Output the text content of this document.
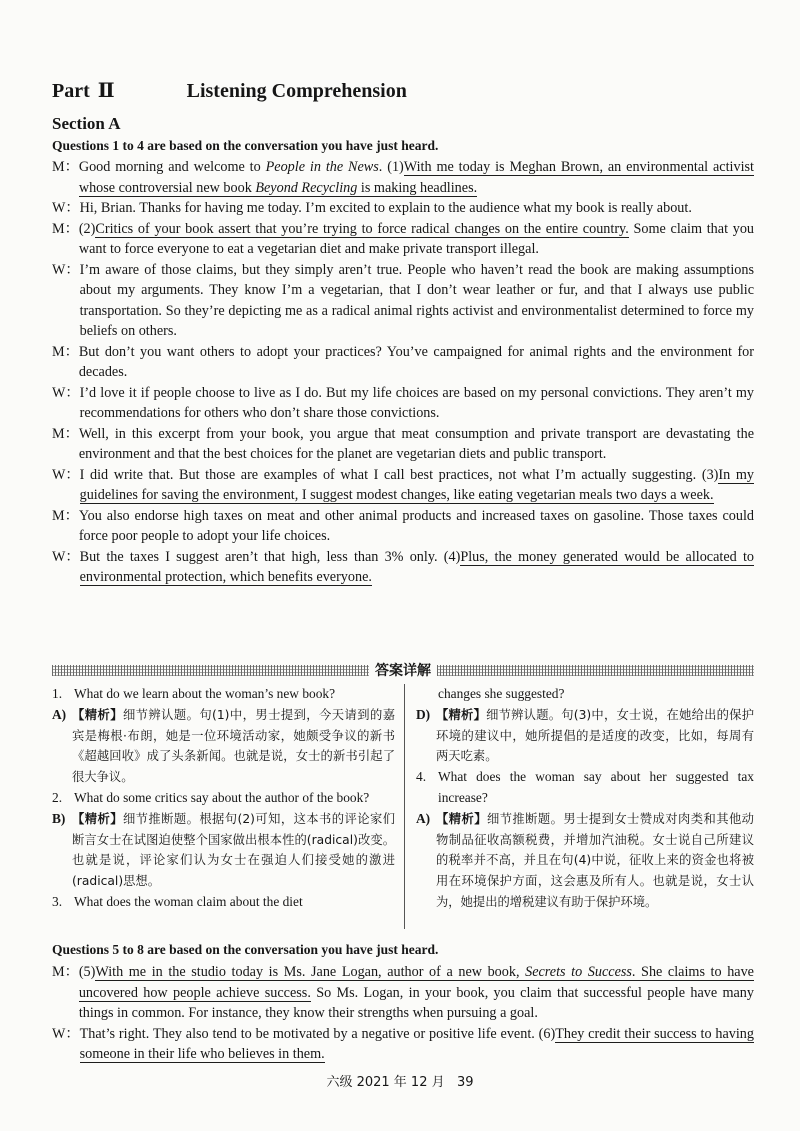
Part Ⅱ	Listening Comprehension
Section A
Questions 1 to 4 are based on the conversation you have just heard.
M ：	Good morning and welcome to People in the News. (1)With me today is Meghan Brown, an environmental activist whose controversial new book Beyond Recycling is making headlines.
W ：	Hi, Brian. Thanks for having me today. I’m excited to explain to the audience what my book is really about.
M ：	(2)Critics of your book assert that you’re trying to force radical changes on the entire country. Some claim that you want to force everyone to eat a vegetarian diet and make private transport illegal.
W ：	I’m aware of those claims, but they simply aren’t true. People who haven’t read the book are making assumptions about my arguments. They know I’m a vegetarian, that I don’t wear leather or fur, and that I always use public transportation. So they’re depicting me as a radical animal rights activist and environmentalist determined to force my beliefs on others.
M ：	But don’t you want others to adopt your practices? You’ve campaigned for animal rights and the environment for decades.
W ：	I’d love it if people choose to live as I do. But my life choices are based on my personal convictions. They aren’t my recommendations for others who don’t share those convictions.
M ：	Well, in this excerpt from your book, you argue that meat consumption and private transport are devastating the environment and that the best choices for the planet are vegetarian diets and public transport.
W ：	I did write that. But those are examples of what I call best practices, not what I’m actually suggesting. (3)In my guidelines for saving the environment, I suggest modest changes, like eating vegetarian meals two days a week.
M ：	You also endorse high taxes on meat and other animal products and increased taxes on gasoline. Those taxes could force poor people to adopt your life choices.
W ：	But the taxes I suggest aren’t that high, less than 3% only. (4)Plus, the money generated would be allocated to environmental protection, which benefits everyone.
答案详解
1. What do we learn about the woman’s new book?
A) 【精析】细节辨认题。句(1)中，男士提到，今天请到的嘉宾是梅根·布朗，她是一位环境活动家，她颇受争议的新书《超越回收》成了头条新闻。也就是说，女士的新书引起了很大争议。
2. What do some critics say about the author of the book?
B) 【精析】细节推断题。根据句(2)可知，这本书的评论家们断言女士在试图迫使整个国家做出根本性的(radical)改变。也就是说，评论家们认为女士在强迫人们接受她的激进(radical)思想。
3. What does the woman claim about the diet
changes she suggested?
D) 【精析】细节辨认题。句(3)中，女士说，在她给出的保护环境的建议中，她所提倡的是适度的改变，比如，每周有两天吃素。
4. What does the woman say about her suggested tax increase?
A) 【精析】细节推断题。男士提到女士赞成对肉类和其他动物制品征收高额税费，并增加汽油税。女士说自己所建议的税率并不高，并且在句(4)中说，征收上来的资金也将被用在环境保护方面，这会惠及所有人。也就是说，女士认为，她提出的增税建议有助于保护环境。
Questions 5 to 8 are based on the conversation you have just heard.
M ：	(5)With me in the studio today is Ms. Jane Logan, author of a new book, Secrets to Success. She claims to have uncovered how people achieve success. So Ms. Logan, in your book, you claim that successful people have many things in common. For instance, they know their strengths when pursuing a goal.
W ：	That’s right. They also tend to be motivated by a negative or positive life event. (6)They credit their success to having someone in their life who believes in them.
六级 2021 年 12 月 39
